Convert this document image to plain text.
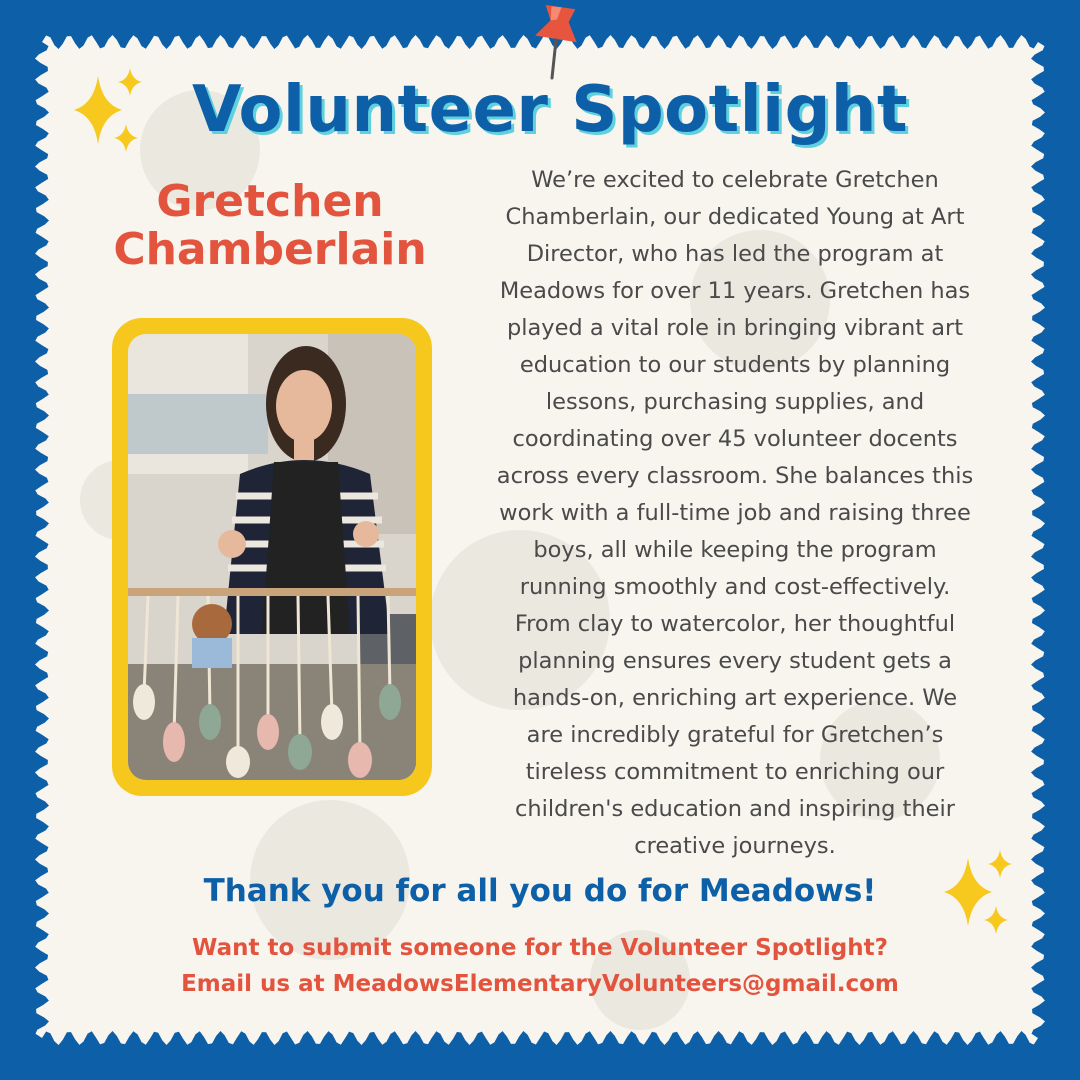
Volunteer Spotlight
Gretchen
Chamberlain
We’re excited to celebrate Gretchen
Chamberlain, our dedicated Young at Art
Director, who has led the program at
Meadows for over 11 years. Gretchen has
played a vital role in bringing vibrant art
education to our students by planning
lessons, purchasing supplies, and
coordinating over 45 volunteer docents
across every classroom. She balances this
work with a full-time job and raising three
boys, all while keeping the program
running smoothly and cost-effectively.
From clay to watercolor, her thoughtful
planning ensures every student gets a
hands-on, enriching art experience. We
are incredibly grateful for Gretchen’s
tireless commitment to enriching our
children's education and inspiring their
creative journeys.
Thank you for all you do for Meadows!
Want to submit someone for the Volunteer Spotlight?
Email us at MeadowsElementaryVolunteers@gmail.com
